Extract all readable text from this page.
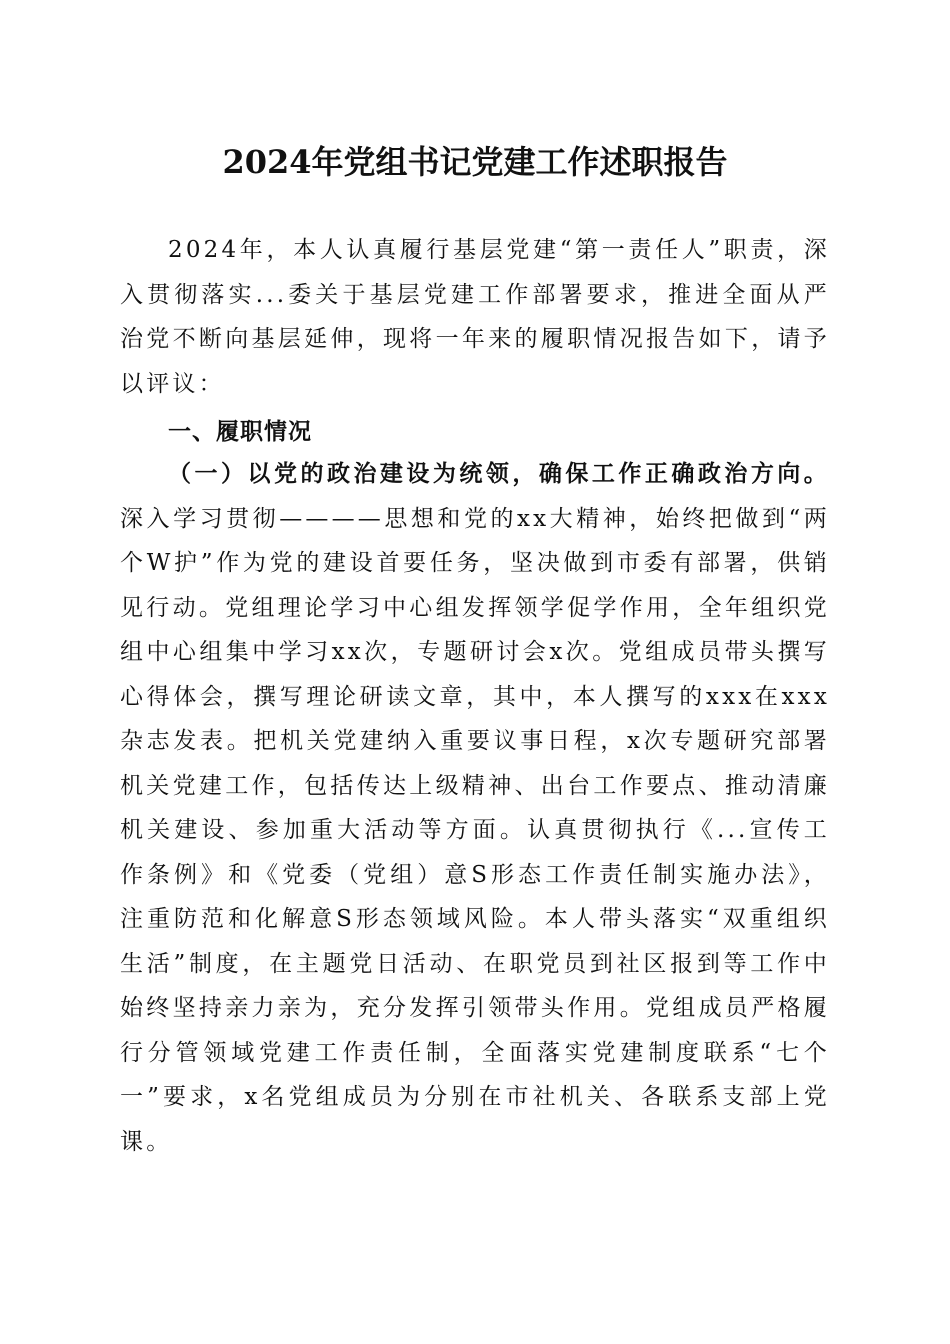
2024年党组书记党建工作述职报告

2024年，本人认真履行基层党建“第一责任人”职责，深入贯彻落实...委关于基层党建工作部署要求，推进全面从严治党不断向基层延伸，现将一年来的履职情况报告如下，请予以评议：

一、履职情况

（一）以党的政治建设为统领，确保工作正确政治方向。深入学习贯彻————思想和党的xx大精神，始终把做到“两个W护”作为党的建设首要任务，坚决做到市委有部署，供销见行动。党组理论学习中心组发挥领学促学作用，全年组织党组中心组集中学习xx次，专题研讨会x次。党组成员带头撰写心得体会，撰写理论研读文章，其中，本人撰写的xxx在xxx杂志发表。把机关党建纳入重要议事日程，x次专题研究部署机关党建工作，包括传达上级精神、出台工作要点、推动清廉机关建设、参加重大活动等方面。认真贯彻执行《...宣传工作条例》和《党委（党组）意S形态工作责任制实施办法》，注重防范和化解意S形态领域风险。本人带头落实“双重组织生活”制度，在主题党日活动、在职党员到社区报到等工作中始终坚持亲力亲为，充分发挥引领带头作用。党组成员严格履行分管领域党建工作责任制，全面落实党建制度联系“七个一”要求，x名党组成员为分别在市社机关、各联系支部上党课。
